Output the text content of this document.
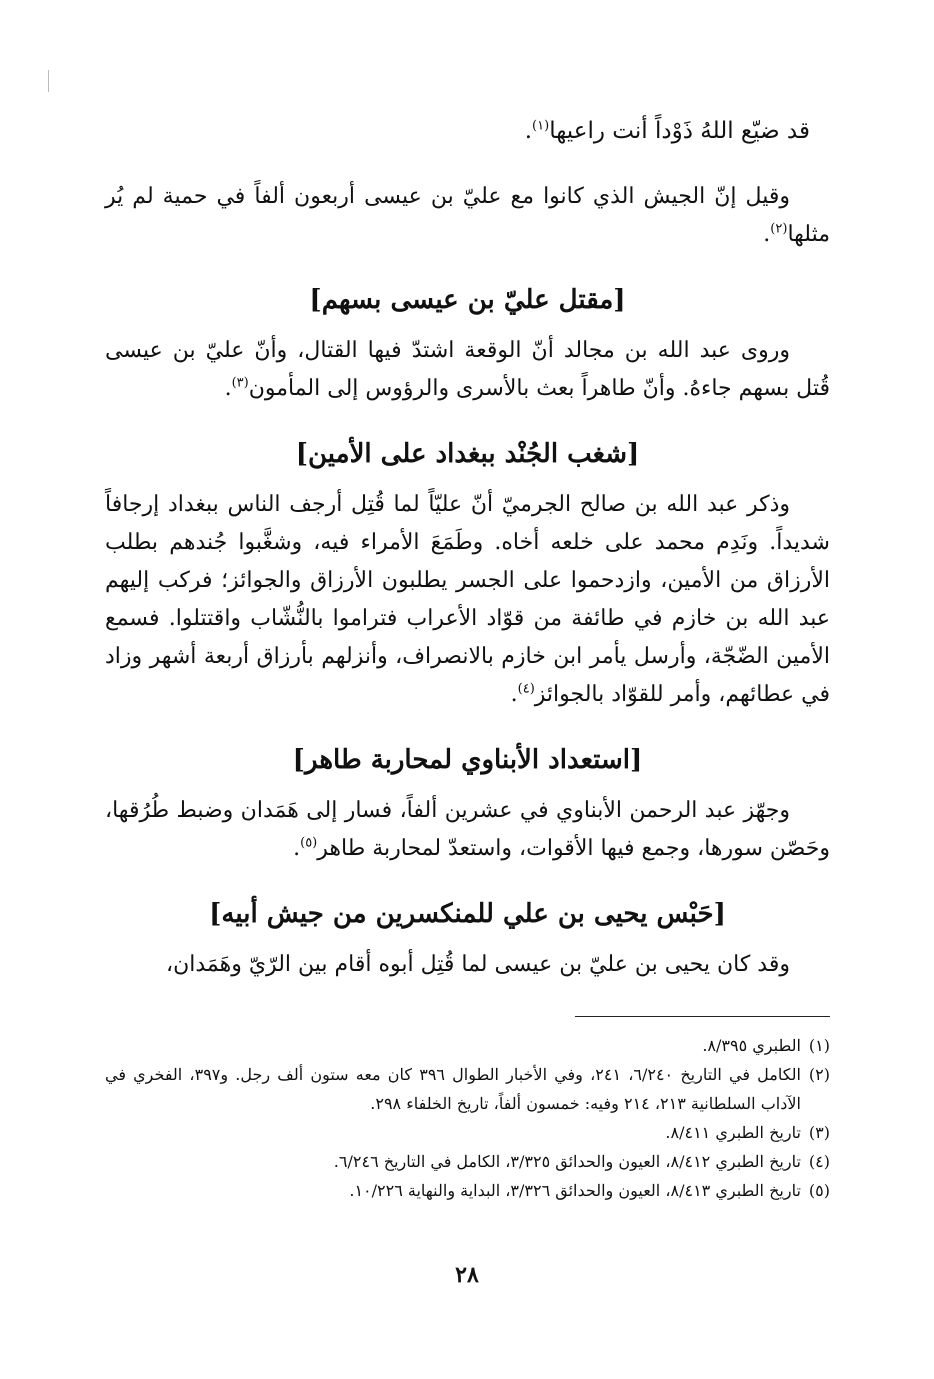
قد ضيّع اللهُ ذَوْداً أنت راعيها$^{(١)}$.

وقيل إنّ الجيش الذي كانوا مع عليّ بن عيسى أربعون ألفاً في حمية لم يُر مثلها$^{(٢)}$.

[مقتل عليّ بن عيسى بسهم]

وروى عبد الله بن مجالد أنّ الوقعة اشتدّ فيها القتال، وأنّ عليّ بن عيسى قُتل بسهم جاءهُ. وأنّ طاهراً بعث بالأسرى والرؤوس إلى المأمون$^{(٣)}$.

[شغب الجُنْد ببغداد على الأمين]

وذكر عبد الله بن صالح الجرميّ أنّ عليّاً لما قُتِل أرجف الناس ببغداد إرجافاً شديداً. ونَدِم محمد على خلعه أخاه. وطَمَعَ الأمراء فيه، وشغَّبوا جُندهم بطلب الأرزاق من الأمين، وازدحموا على الجسر يطلبون الأرزاق والجوائز؛ فركب إليهم عبد الله بن خازم في طائفة من قوّاد الأعراب فتراموا بالنُّشّاب واقتتلوا. فسمع الأمين الضّجّة، وأرسل يأمر ابن خازم بالانصراف، وأنزلهم بأرزاق أربعة أشهر وزاد في عطائهم، وأمر للقوّاد بالجوائز$^{(٤)}$.

[استعداد الأبناوي لمحاربة طاهر]

وجهّز عبد الرحمن الأبناوي في عشرين ألفاً، فسار إلى هَمَدان وضبط طُرُقها، وحَصّن سورها، وجمع فيها الأقوات، واستعدّ لمحاربة طاهر$^{(٥)}$.

[حَبْس يحيى بن علي للمنكسرين من جيش أبيه]

وقد كان يحيى بن عليّ بن عيسى لما قُتِل أبوه أقام بين الرّيّ وهَمَدان،

(١)
الطبري ٨/٣٩٥.

(٢)
الكامل في التاريخ ٦/٢٤٠، ٢٤١، وفي الأخبار الطوال ٣٩٦ كان معه ستون ألف رجل. و٣٩٧، الفخري في الآداب السلطانية ٢١٣، ٢١٤ وفيه: خمسون ألفاً، تاريخ الخلفاء ٢٩٨.

(٣)
تاريخ الطبري ٨/٤١١.

(٤)
تاريخ الطبري ٨/٤١٢، العيون والحدائق ٣/٣٢٥، الكامل في التاريخ ٦/٢٤٦.

(٥)
تاريخ الطبري ٨/٤١٣، العيون والحدائق ٣/٣٢٦، البداية والنهاية ١٠/٢٢٦.

٢٨
